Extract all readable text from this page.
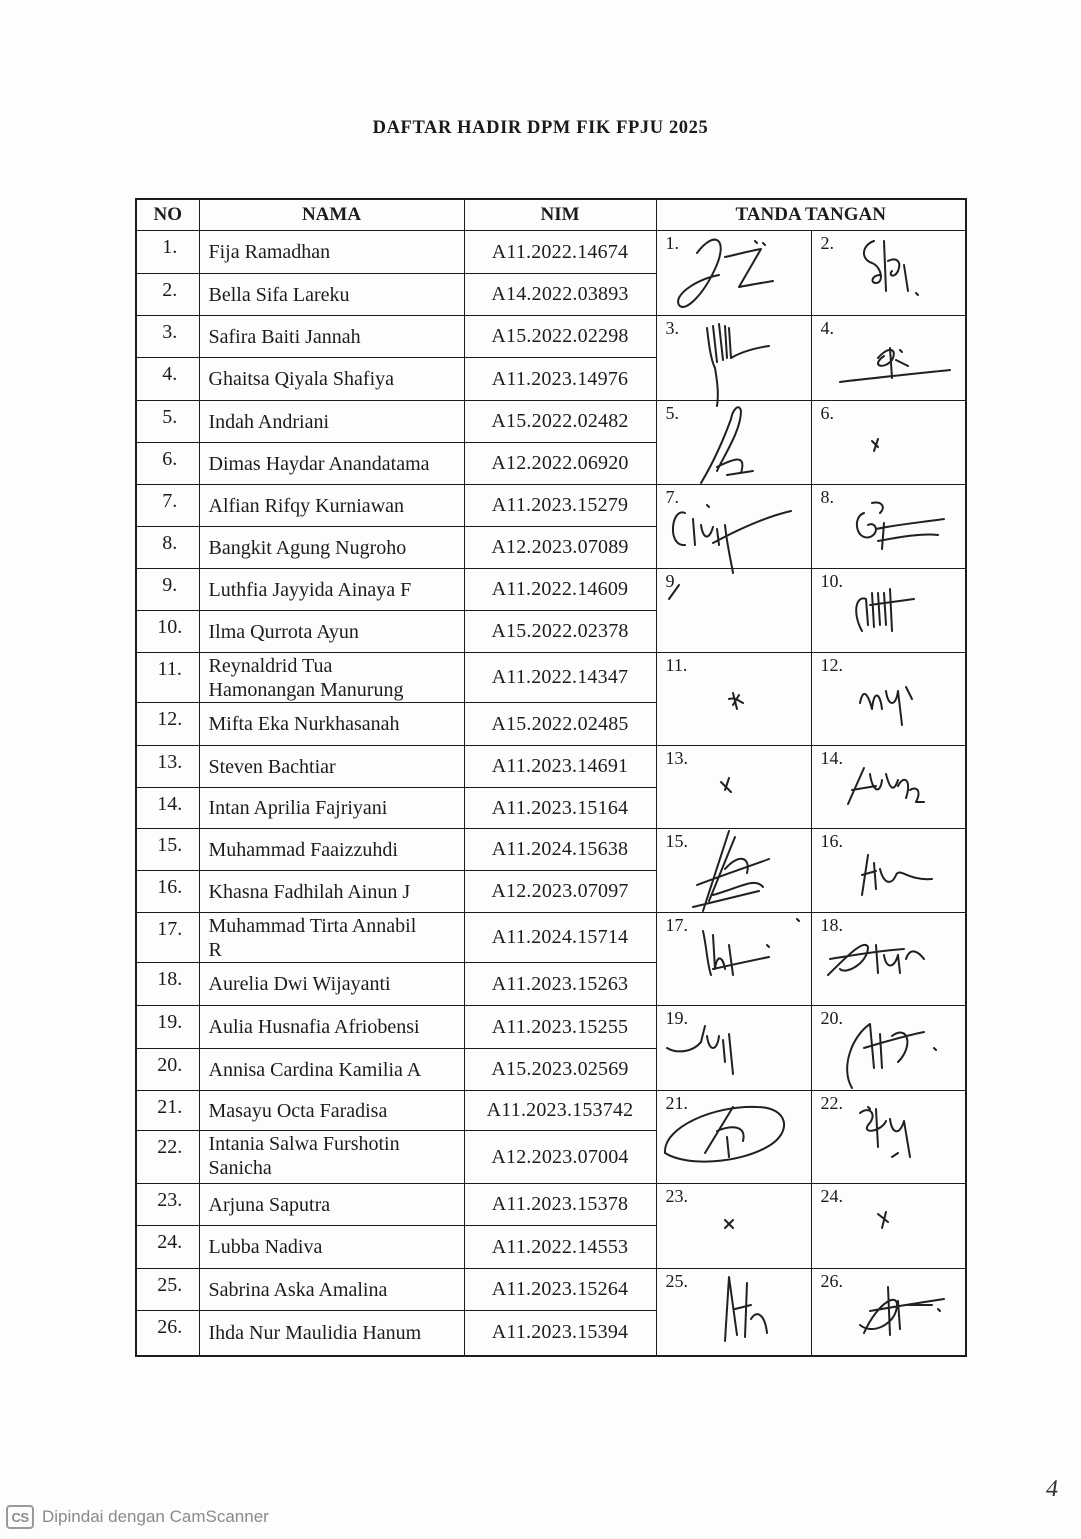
DAFTAR HADIR DPM FIK FPJU 2025
NO	NAMA	NIM	TANDA TANGAN	
1.	Fija Ramadhan	A11.2022.14674	1.	2.

2.	Bella Sifa Lareku	A14.2022.03893		
3.	Safira Baiti Jannah	A15.2022.02298	3.	4.

4.	Ghaitsa Qiyala Shafiya	A11.2023.14976		
5.	Indah Andriani	A15.2022.02482	5.	6.

6.	Dimas Haydar Anandatama	A12.2022.06920		
7.	Alfian Rifqy Kurniawan	A11.2023.15279	7.	8.

8.	Bangkit Agung Nugroho	A12.2023.07089		
9.	Luthfia Jayyida Ainaya F	A11.2022.14609	9	10.

10.	Ilma Qurrota Ayun	A15.2022.02378		
11.	Reynaldrid Tua
Hamonangan Manurung	A11.2022.14347	11.	12.

12.	Mifta Eka Nurkhasanah	A15.2022.02485		
13.	Steven Bachtiar	A11.2023.14691	13.	14.

14.	Intan Aprilia Fajriyani	A11.2023.15164		
15.	Muhammad Faaizzuhdi	A11.2024.15638	15.	16.

16.	Khasna Fadhilah Ainun J	A12.2023.07097		
17.	Muhammad Tirta Annabil
R	A11.2024.15714	17.	18.

18.	Aurelia Dwi Wijayanti	A11.2023.15263		
19.	Aulia Husnafia Afriobensi	A11.2023.15255	19.	20.

20.	Annisa Cardina Kamilia A	A15.2023.02569		
21.	Masayu Octa Faradisa	A11.2023.153742	21.	22.

22.	Intania Salwa Furshotin
Sanicha	A12.2023.07004		
23.	Arjuna Saputra	A11.2023.15378	23.	24.

24.	Lubba Nadiva	A11.2022.14553		
25.	Sabrina Aska Amalina	A11.2023.15264	25.	26.

26.	Ihda Nur Maulidia Hanum	A11.2023.15394		
4
CS Dipindai dengan CamScanner
